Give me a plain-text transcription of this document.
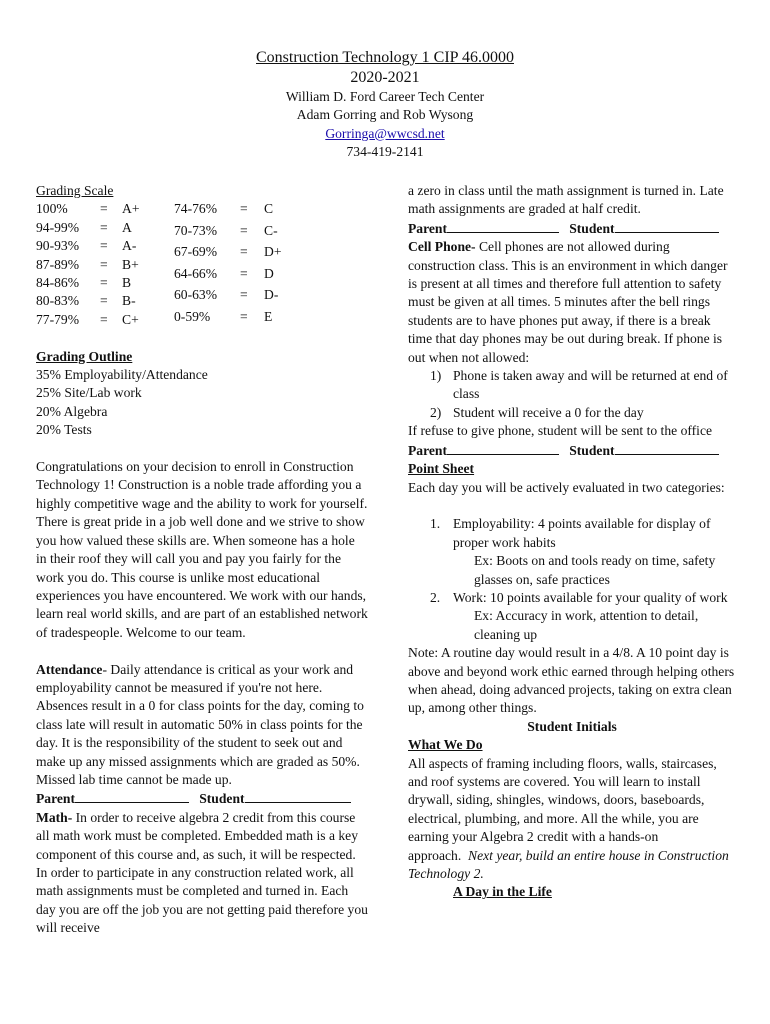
Construction Technology 1 CIP 46.0000
2020-2021
William D. Ford Career Tech Center
Adam Gorring and Rob Wysong
Gorringa@wwcsd.net
734-419-2141

Grading Scale

100%	=	A+
94-99%	=	A
90-93%	=	A-
87-89%	=	B+
84-86%	=	B
80-83%	=	B-
77-79%	=	C+
74-76%	=	C
70-73%	=	C-
67-69%	=	D+
64-66%	=	D
60-63%	=	D-
0-59%	=	E

Grading Outline

35% Employability/Attendance

25% Site/Lab work

20% Algebra

20% Tests

Congratulations on your decision to enroll in Construction Technology 1! Construction is a noble trade affording you a highly competitive wage and the ability to work for yourself. There is great pride in a job well done and we strive to show you how valued these skills are. When someone has a hole in their roof they will call you and pay you fairly for the work you do. This course is unlike most educational experiences you have encountered. We work with our hands, learn real world skills, and are part of an established network of tradespeople. Welcome to our team.

Attendance- Daily attendance is critical as your work and employability cannot be measured if you're not here. Absences result in a 0 for class points for the day, coming to class late will result in automatic 50% in class points for the day. It is the responsibility of the student to seek out and make up any missed assignments which are graded as 50%. Missed lab time cannot be made up.

Parent	Student

Math- In order to receive algebra 2 credit from this course all math work must be completed. Embedded math is a key component of this course and, as such, it will be respected. In order to participate in any construction related work, all math assignments must be completed and turned in. Each day you are off the job you are not getting paid therefore you will receive

a zero in class until the math assignment is turned in. Late math assignments are graded at half credit.

Parent	Student

Cell Phone- Cell phones are not allowed during construction class. This is an environment in which danger is present at all times and therefore full attention to safety must be given at all times. 5 minutes after the bell rings students are to have phones put away, if there is a break time that day phones may be out during break. If phone is out when not allowed:

1) Phone is taken away and will be returned at end of class
2) Student will receive a 0 for the day

If refuse to give phone, student will be sent to the office

Parent	Student

Point Sheet

Each day you will be actively evaluated in two categories:

1. Employability: 4 points available for display of proper work habits

Ex: Boots on and tools ready on time, safety glasses on, safe practices

2. Work: 10 points available for your quality of work

Ex: Accuracy in work, attention to detail, cleaning up

Note: A routine day would result in a 4/8. A 10 point day is above and beyond work ethic earned through helping others when ahead, doing advanced projects, taking on extra clean up, among other things.

Student Initials

What We Do

All aspects of framing including floors, walls, staircases, and roof systems are covered. You will learn to install drywall, siding, shingles, windows, doors, baseboards, electrical, plumbing, and more. All the while, you are earning your Algebra 2 credit with a hands-on approach. Next year, build an entire house in Construction Technology 2.

A Day in the Life
